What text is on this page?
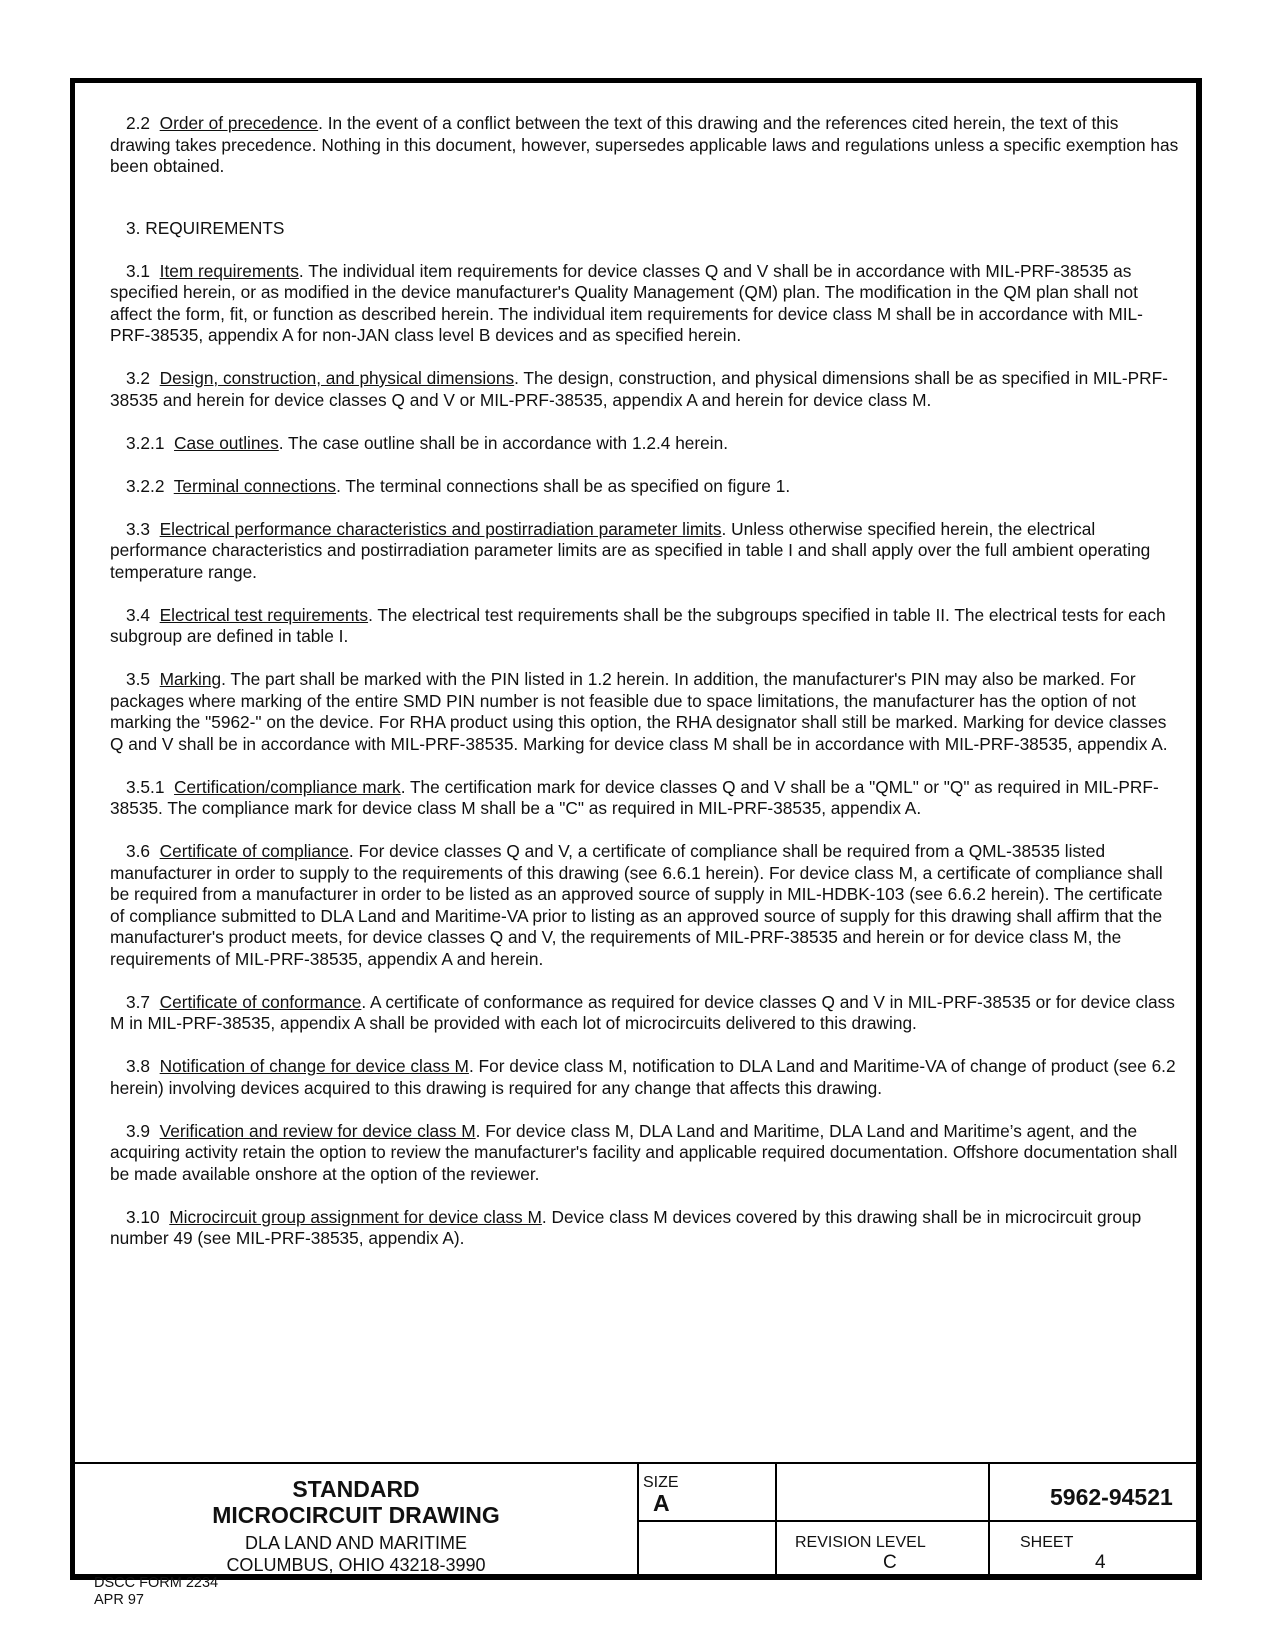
2.2 Order of precedence. In the event of a conflict between the text of this drawing and the references cited herein, the text of this drawing takes precedence. Nothing in this document, however, supersedes applicable laws and regulations unless a specific exemption has been obtained.

3. REQUIREMENTS

3.1 Item requirements. The individual item requirements for device classes Q and V shall be in accordance with MIL-PRF-38535 as specified herein, or as modified in the device manufacturer's Quality Management (QM) plan. The modification in the QM plan shall not affect the form, fit, or function as described herein. The individual item requirements for device class M shall be in accordance with MIL-PRF-38535, appendix A for non-JAN class level B devices and as specified herein.

3.2 Design, construction, and physical dimensions. The design, construction, and physical dimensions shall be as specified in MIL-PRF-38535 and herein for device classes Q and V or MIL-PRF-38535, appendix A and herein for device class M.

3.2.1 Case outlines. The case outline shall be in accordance with 1.2.4 herein.

3.2.2 Terminal connections. The terminal connections shall be as specified on figure 1.

3.3 Electrical performance characteristics and postirradiation parameter limits. Unless otherwise specified herein, the electrical performance characteristics and postirradiation parameter limits are as specified in table I and shall apply over the full ambient operating temperature range.

3.4 Electrical test requirements. The electrical test requirements shall be the subgroups specified in table II. The electrical tests for each subgroup are defined in table I.

3.5 Marking. The part shall be marked with the PIN listed in 1.2 herein. In addition, the manufacturer's PIN may also be marked. For packages where marking of the entire SMD PIN number is not feasible due to space limitations, the manufacturer has the option of not marking the "5962-" on the device. For RHA product using this option, the RHA designator shall still be marked. Marking for device classes Q and V shall be in accordance with MIL-PRF-38535. Marking for device class M shall be in accordance with MIL-PRF-38535, appendix A.

3.5.1 Certification/compliance mark. The certification mark for device classes Q and V shall be a "QML" or "Q" as required in MIL-PRF-38535. The compliance mark for device class M shall be a "C" as required in MIL-PRF-38535, appendix A.

3.6 Certificate of compliance. For device classes Q and V, a certificate of compliance shall be required from a QML-38535 listed manufacturer in order to supply to the requirements of this drawing (see 6.6.1 herein). For device class M, a certificate of compliance shall be required from a manufacturer in order to be listed as an approved source of supply in MIL-HDBK-103 (see 6.6.2 herein). The certificate of compliance submitted to DLA Land and Maritime-VA prior to listing as an approved source of supply for this drawing shall affirm that the manufacturer's product meets, for device classes Q and V, the requirements of MIL-PRF-38535 and herein or for device class M, the requirements of MIL-PRF-38535, appendix A and herein.

3.7 Certificate of conformance. A certificate of conformance as required for device classes Q and V in MIL-PRF-38535 or for device class M in MIL-PRF-38535, appendix A shall be provided with each lot of microcircuits delivered to this drawing.

3.8 Notification of change for device class M. For device class M, notification to DLA Land and Maritime-VA of change of product (see 6.2 herein) involving devices acquired to this drawing is required for any change that affects this drawing.

3.9 Verification and review for device class M. For device class M, DLA Land and Maritime, DLA Land and Maritime’s agent, and the acquiring activity retain the option to review the manufacturer's facility and applicable required documentation. Offshore documentation shall be made available onshore at the option of the reviewer.

3.10 Microcircuit group assignment for device class M. Device class M devices covered by this drawing shall be in microcircuit group number 49 (see MIL-PRF-38535, appendix A).

STANDARD
MICROCIRCUIT DRAWING
DLA LAND AND MARITIME
COLUMBUS, OHIO 43218-3990
SIZE
A	5962-94521
REVISION LEVEL
C
SHEET
4
DSCC FORM 2234
APR 97
